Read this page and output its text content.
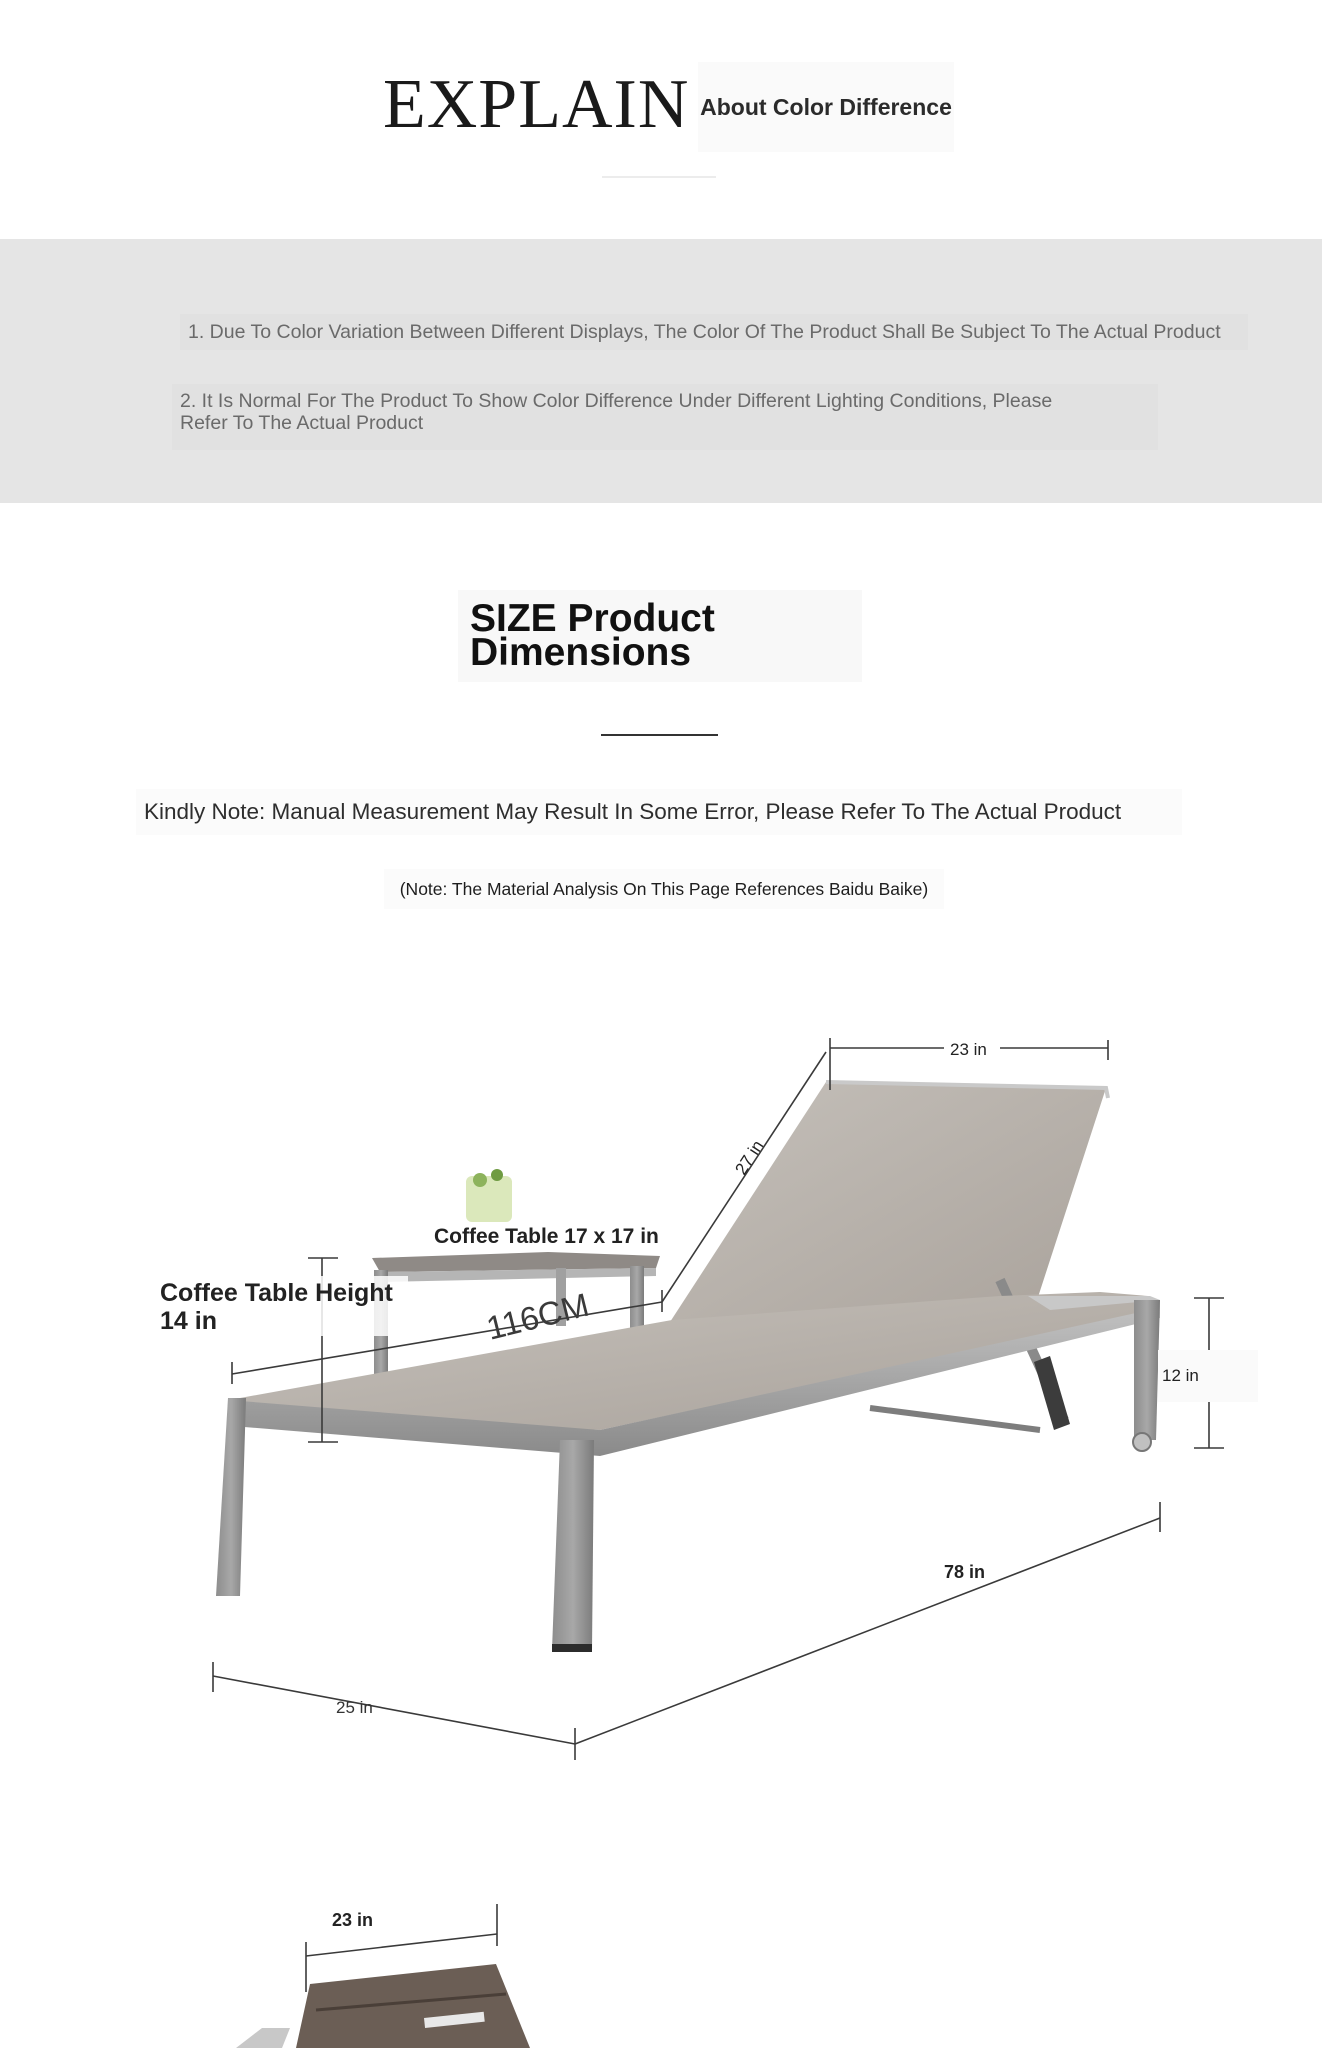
EXPLAIN About Color Difference
1. Due To Color Variation Between Different Displays, The Color Of The Product Shall Be Subject To The Actual Product
2. It Is Normal For The Product To Show Color Difference Under Different Lighting Conditions, Please
Refer To The Actual Product
SIZE Product
Dimensions
Kindly Note: Manual Measurement May Result In Some Error, Please Refer To The Actual Product
(Note: The Material Analysis On This Page References Baidu Baike)
23 in
27 in
Coffee Table 17 x 17 in
Coffee Table Height
14 in	116CM
12 in
78 in
25 in
23 in
